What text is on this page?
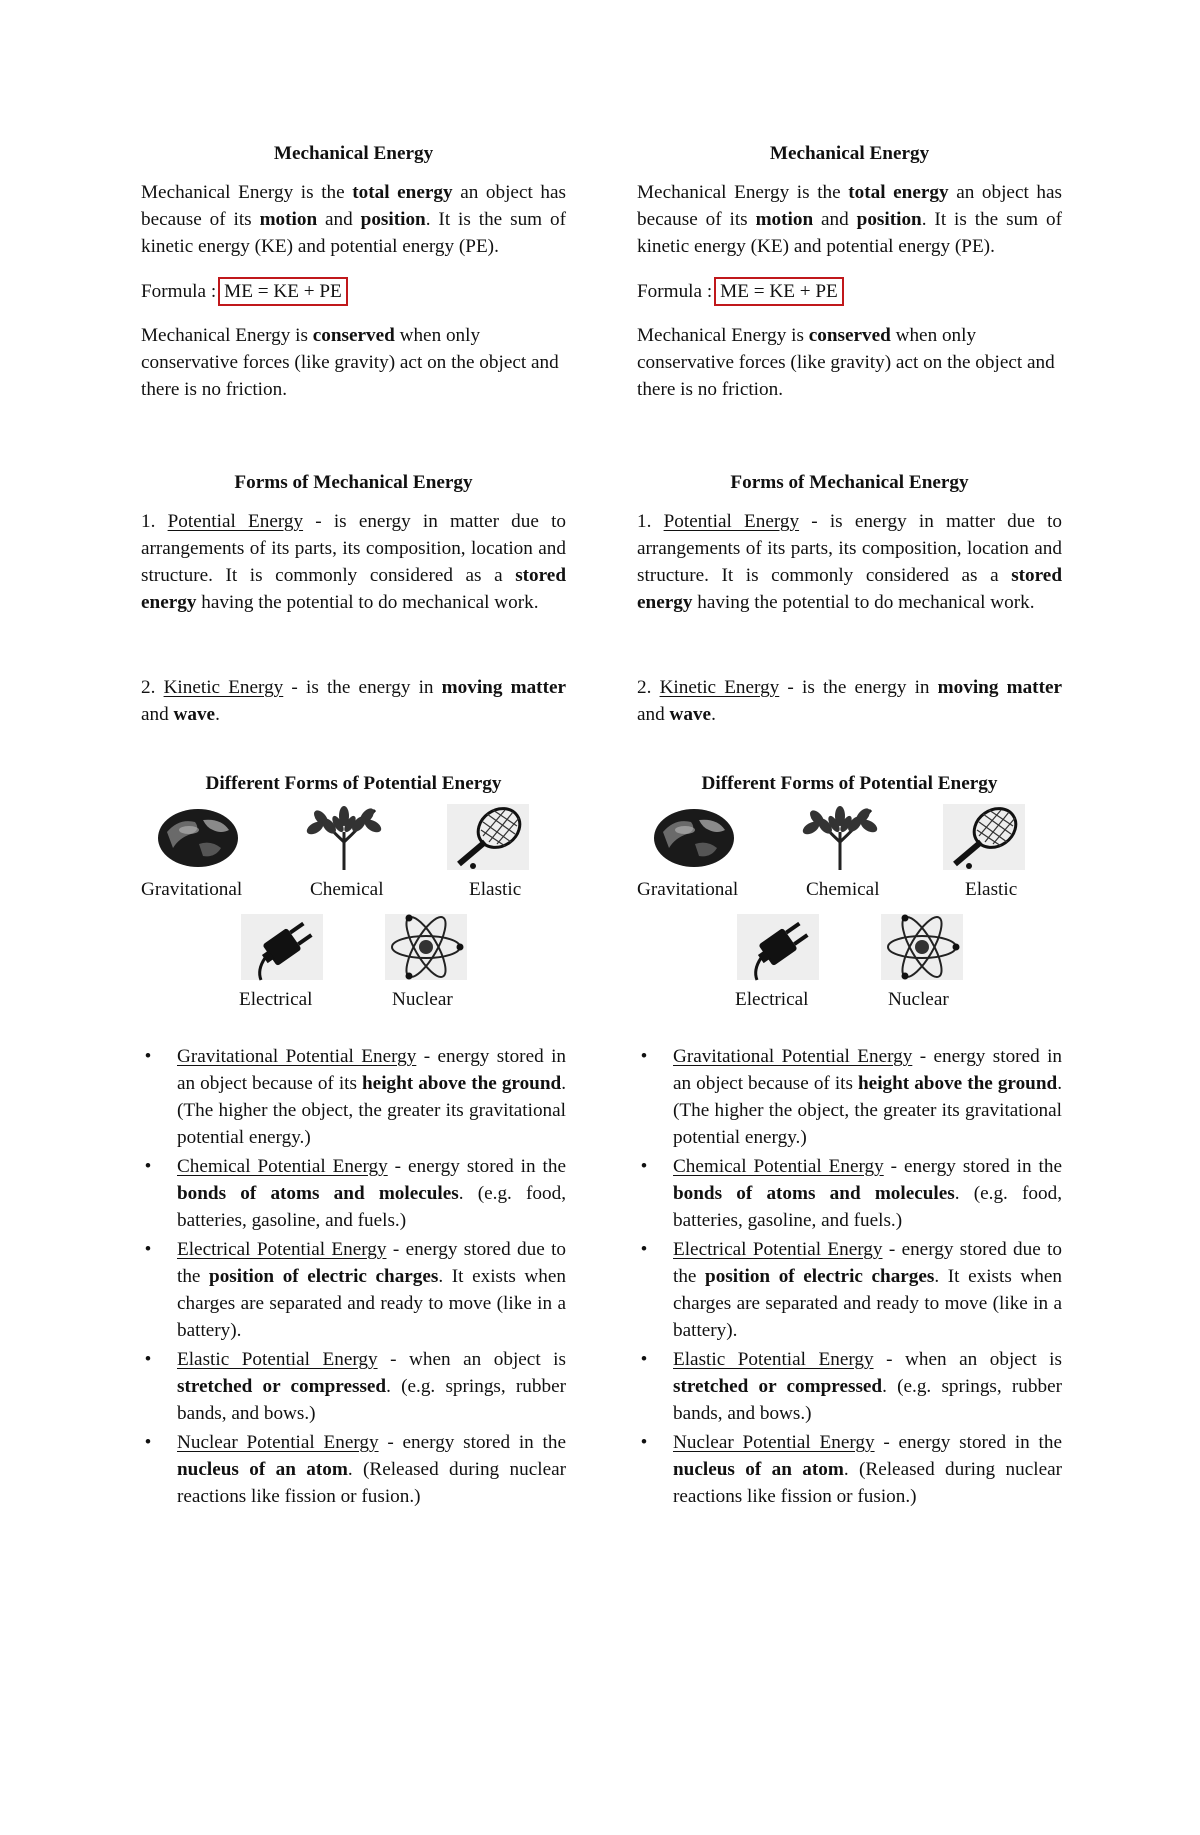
Mechanical Energy

Mechanical Energy is the total energy an object has because of its motion and position. It is the sum of kinetic energy (KE) and potential energy (PE).

Formula : ME = KE + PE

Mechanical Energy is conserved when only conservative forces (like gravity) act on the object and there is no friction.

Forms of Mechanical Energy

1. Potential Energy - is energy in matter due to arrangements of its parts, its composition, location and structure. It is commonly considered as a stored energy having the potential to do mechanical work.

2. Kinetic Energy - is the energy in moving matter and wave.

Different Forms of Potential Energy
Gravitational	Chemical	Elastic
Electrical	Nuclear
• Gravitational Potential Energy - energy stored in an object because of its height above the ground. (The higher the object, the greater its gravitational potential energy.)
• Chemical Potential Energy - energy stored in the bonds of atoms and molecules. (e.g. food, batteries, gasoline, and fuels.)
• Electrical Potential Energy - energy stored due to the position of electric charges. It exists when charges are separated and ready to move (like in a battery).
• Elastic Potential Energy - when an object is stretched or compressed. (e.g. springs, rubber bands, and bows.)
• Nuclear Potential Energy - energy stored in the nucleus of an atom. (Released during nuclear reactions like fission or fusion.)
Mechanical Energy

Mechanical Energy is the total energy an object has because of its motion and position. It is the sum of kinetic energy (KE) and potential energy (PE).

Formula : ME = KE + PE

Mechanical Energy is conserved when only conservative forces (like gravity) act on the object and there is no friction.

Forms of Mechanical Energy

1. Potential Energy - is energy in matter due to arrangements of its parts, its composition, location and structure. It is commonly considered as a stored energy having the potential to do mechanical work.

2. Kinetic Energy - is the energy in moving matter and wave.

Different Forms of Potential Energy
Gravitational	Chemical	Elastic
Electrical	Nuclear
• Gravitational Potential Energy - energy stored in an object because of its height above the ground. (The higher the object, the greater its gravitational potential energy.)
• Chemical Potential Energy - energy stored in the bonds of atoms and molecules. (e.g. food, batteries, gasoline, and fuels.)
• Electrical Potential Energy - energy stored due to the position of electric charges. It exists when charges are separated and ready to move (like in a battery).
• Elastic Potential Energy - when an object is stretched or compressed. (e.g. springs, rubber bands, and bows.)
• Nuclear Potential Energy - energy stored in the nucleus of an atom. (Released during nuclear reactions like fission or fusion.)
